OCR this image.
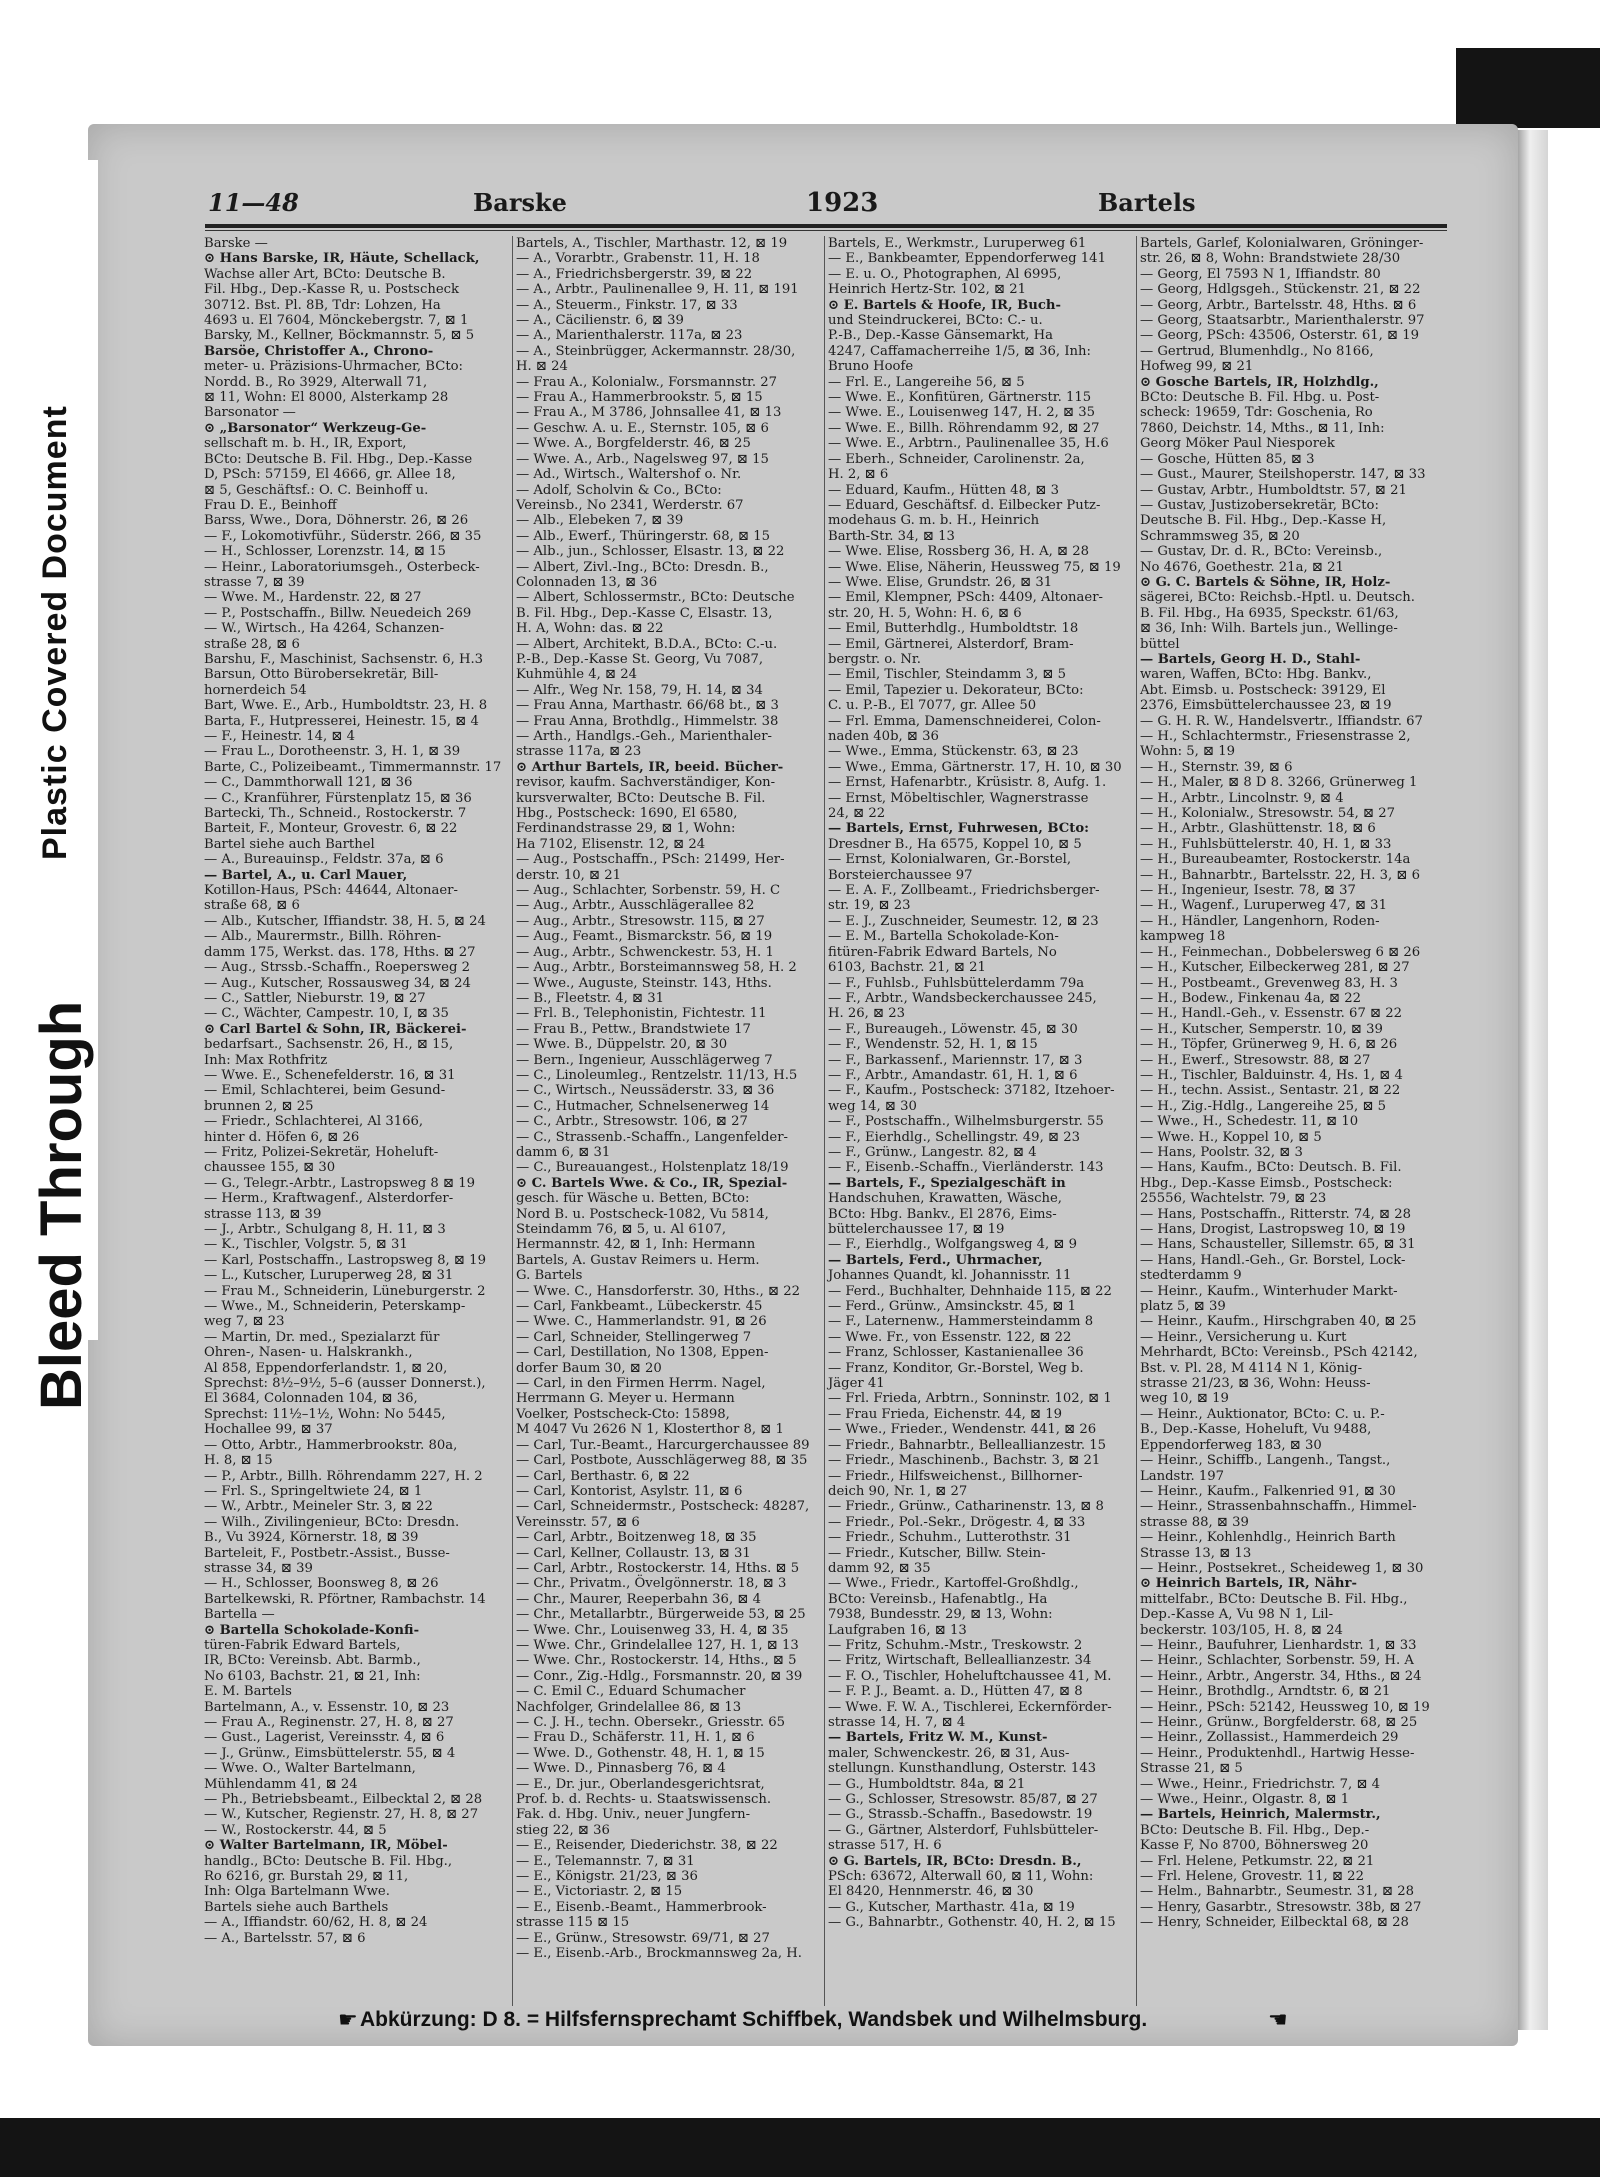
Plastic Covered Document
Bleed Through
11—48	Barske	1923	Bartels
Barske —
⊙ Hans Barske, IR, Häute, Schellack,
Wachse aller Art, BCto: Deutsche B.
Fil. Hbg., Dep.-Kasse R, u. Postscheck
30712. Bst. Pl. 8B, Tdr: Lohzen, Ha
4693 u. El 7604, Mönckebergstr. 7, ⊠ 1
Barsky, M., Kellner, Böckmannstr. 5, ⊠ 5
Barsöe, Christoffer A., Chrono-
meter- u. Präzisions-Uhrmacher, BCto:
Nordd. B., Ro 3929, Alterwall 71,
⊠ 11, Wohn: El 8000, Alsterkamp 28
Barsonator —
⊙ „Barsonator“ Werkzeug-Ge-
sellschaft m. b. H., IR, Export,
BCto: Deutsche B. Fil. Hbg., Dep.-Kasse
D, PSch: 57159, El 4666, gr. Allee 18,
⊠ 5, Geschäftsf.: O. C. Beinhoff u.
Frau D. E., Beinhoff
Barss, Wwe., Dora, Döhnerstr. 26, ⊠ 26
— F., Lokomotivführ., Süderstr. 266, ⊠ 35
— H., Schlosser, Lorenzstr. 14, ⊠ 15
— Heinr., Laboratoriumsgeh., Osterbeck-
strasse 7, ⊠ 39
— Wwe. M., Hardenstr. 22, ⊠ 27
— P., Postschaffn., Billw. Neuedeich 269
— W., Wirtsch., Ha 4264, Schanzen-
straße 28, ⊠ 6
Barshu, F., Maschinist, Sachsenstr. 6, H.3
Barsun, Otto Bürobersekretär, Bill-
hornerdeich 54
Bart, Wwe. E., Arb., Humboldtstr. 23, H. 8
Barta, F., Hutpresserei, Heinestr. 15, ⊠ 4
— F., Heinestr. 14, ⊠ 4
— Frau L., Dorotheenstr. 3, H. 1, ⊠ 39
Barte, C., Polizeibeamt., Timmermannstr. 17
— C., Dammthorwall 121, ⊠ 36
— C., Kranführer, Fürstenplatz 15, ⊠ 36
Bartecki, Th., Schneid., Rostockerstr. 7
Barteit, F., Monteur, Grovestr. 6, ⊠ 22
Bartel siehe auch Barthel
— A., Bureauinsp., Feldstr. 37a, ⊠ 6
— Bartel, A., u. Carl Mauer,
Kotillon-Haus, PSch: 44644, Altonaer-
straße 68, ⊠ 6
— Alb., Kutscher, Iffiandstr. 38, H. 5, ⊠ 24
— Alb., Maurermstr., Billh. Röhren-
damm 175, Werkst. das. 178, Hths. ⊠ 27
— Aug., Strssb.-Schaffn., Roepersweg 2
— Aug., Kutscher, Rossausweg 34, ⊠ 24
— C., Sattler, Nieburstr. 19, ⊠ 27
— C., Wächter, Campestr. 10, I, ⊠ 35
⊙ Carl Bartel & Sohn, IR, Bäckerei-
bedarfsart., Sachsenstr. 26, H., ⊠ 15,
Inh: Max Rothfritz
— Wwe. E., Schenefelderstr. 16, ⊠ 31
— Emil, Schlachterei, beim Gesund-
brunnen 2, ⊠ 25
— Friedr., Schlachterei, Al 3166,
hinter d. Höfen 6, ⊠ 26
— Fritz, Polizei-Sekretär, Hoheluft-
chaussee 155, ⊠ 30
— G., Telegr.-Arbtr., Lastropsweg 8 ⊠ 19
— Herm., Kraftwagenf., Alsterdorfer-
strasse 113, ⊠ 39
— J., Arbtr., Schulgang 8, H. 11, ⊠ 3
— K., Tischler, Volgstr. 5, ⊠ 31
— Karl, Postschaffn., Lastropsweg 8, ⊠ 19
— L., Kutscher, Luruperweg 28, ⊠ 31
— Frau M., Schneiderin, Lüneburgerstr. 2
— Wwe., M., Schneiderin, Peterskamp-
weg 7, ⊠ 23
— Martin, Dr. med., Spezialarzt für
Ohren-, Nasen- u. Halskrankh.,
Al 858, Eppendorferlandstr. 1, ⊠ 20,
Sprechst: 8½–9½, 5–6 (ausser Donnerst.),
El 3684, Colonnaden 104, ⊠ 36,
Sprechst: 11½–1½, Wohn: No 5445,
Hochallee 99, ⊠ 37
— Otto, Arbtr., Hammerbrookstr. 80a,
H. 8, ⊠ 15
— P., Arbtr., Billh. Röhrendamm 227, H. 2
— Frl. S., Springeltwiete 24, ⊠ 1
— W., Arbtr., Meineler Str. 3, ⊠ 22
— Wilh., Zivilingenieur, BCto: Dresdn.
B., Vu 3924, Körnerstr. 18, ⊠ 39
Barteleit, F., Postbetr.-Assist., Busse-
strasse 34, ⊠ 39
— H., Schlosser, Boonsweg 8, ⊠ 26
Bartelkewski, R. Pförtner, Rambachstr. 14
Bartella —
⊙ Bartella Schokolade-Konfi-
türen-Fabrik Edward Bartels,
IR, BCto: Vereinsb. Abt. Barmb.,
No 6103, Bachstr. 21, ⊠ 21, Inh:
E. M. Bartels
Bartelmann, A., v. Essenstr. 10, ⊠ 23
— Frau A., Reginenstr. 27, H. 8, ⊠ 27
— Gust., Lagerist, Vereinsstr. 4, ⊠ 6
— J., Grünw., Eimsbüttelerstr. 55, ⊠ 4
— Wwe. O., Walter Bartelmann,
Mühlendamm 41, ⊠ 24
— Ph., Betriebsbeamt., Eilbecktal 2, ⊠ 28
— W., Kutscher, Regienstr. 27, H. 8, ⊠ 27
— W., Rostockerstr. 44, ⊠ 5
⊙ Walter Bartelmann, IR, Möbel-
handlg., BCto: Deutsche B. Fil. Hbg.,
Ro 6216, gr. Burstah 29, ⊠ 11,
Inh: Olga Bartelmann Wwe.
Bartels siehe auch Barthels
— A., Iffiandstr. 60/62, H. 8, ⊠ 24
— A., Bartelsstr. 57, ⊠ 6
Bartels, A., Tischler, Marthastr. 12, ⊠ 19
— A., Vorarbtr., Grabenstr. 11, H. 18
— A., Friedrichsbergerstr. 39, ⊠ 22
— A., Arbtr., Paulinenallee 9, H. 11, ⊠ 191
— A., Steuerm., Finkstr. 17, ⊠ 33
— A., Cäcilienstr. 6, ⊠ 39
— A., Marienthalerstr. 117a, ⊠ 23
— A., Steinbrügger, Ackermannstr. 28/30,
H. ⊠ 24
— Frau A., Kolonialw., Forsmannstr. 27
— Frau A., Hammerbrookstr. 5, ⊠ 15
— Frau A., M 3786, Johnsallee 41, ⊠ 13
— Geschw. A. u. E., Sternstr. 105, ⊠ 6
— Wwe. A., Borgfelderstr. 46, ⊠ 25
— Wwe. A., Arb., Nagelsweg 97, ⊠ 15
— Ad., Wirtsch., Waltershof o. Nr.
— Adolf, Scholvin & Co., BCto:
Vereinsb., No 2341, Werderstr. 67
— Alb., Elebeken 7, ⊠ 39
— Alb., Ewerf., Thüringerstr. 68, ⊠ 15
— Alb., jun., Schlosser, Elsastr. 13, ⊠ 22
— Albert, Zivl.-Ing., BCto: Dresdn. B.,
Colonnaden 13, ⊠ 36
— Albert, Schlossermstr., BCto: Deutsche
B. Fil. Hbg., Dep.-Kasse C, Elsastr. 13,
H. A, Wohn: das. ⊠ 22
— Albert, Architekt, B.D.A., BCto: C.-u.
P.-B., Dep.-Kasse St. Georg, Vu 7087,
Kuhmühle 4, ⊠ 24
— Alfr., Weg Nr. 158, 79, H. 14, ⊠ 34
— Frau Anna, Marthastr. 66/68 bt., ⊠ 3
— Frau Anna, Brothdlg., Himmelstr. 38
— Arth., Handlgs.-Geh., Marienthaler-
strasse 117a, ⊠ 23
⊙ Arthur Bartels, IR, beeid. Bücher-
revisor, kaufm. Sachverständiger, Kon-
kursverwalter, BCto: Deutsche B. Fil.
Hbg., Postscheck: 1690, El 6580,
Ferdinandstrasse 29, ⊠ 1, Wohn:
Ha 7102, Elisenstr. 12, ⊠ 24
— Aug., Postschaffn., PSch: 21499, Her-
derstr. 10, ⊠ 21
— Aug., Schlachter, Sorbenstr. 59, H. C
— Aug., Arbtr., Ausschlägerallee 82
— Aug., Arbtr., Stresowstr. 115, ⊠ 27
— Aug., Feamt., Bismarckstr. 56, ⊠ 19
— Aug., Arbtr., Schwenckestr. 53, H. 1
— Aug., Arbtr., Borsteimannsweg 58, H. 2
— Wwe., Auguste, Steinstr. 143, Hths.
— B., Fleetstr. 4, ⊠ 31
— Frl. B., Telephonistin, Fichtestr. 11
— Frau B., Pettw., Brandstwiete 17
— Wwe. B., Düppelstr. 20, ⊠ 30
— Bern., Ingenieur, Ausschlägerweg 7
— C., Linoleumleg., Rentzelstr. 11/13, H.5
— C., Wirtsch., Neussäderstr. 33, ⊠ 36
— C., Hutmacher, Schnelsenerweg 14
— C., Arbtr., Stresowstr. 106, ⊠ 27
— C., Strassenb.-Schaffn., Langenfelder-
damm 6, ⊠ 31
— C., Bureauangest., Holstenplatz 18/19
⊙ C. Bartels Wwe. & Co., IR, Spezial-
gesch. für Wäsche u. Betten, BCto:
Nord B. u. Postscheck-1082, Vu 5814,
Steindamm 76, ⊠ 5, u. Al 6107,
Hermannstr. 42, ⊠ 1, Inh: Hermann
Bartels, A. Gustav Reimers u. Herm.
G. Bartels
— Wwe. C., Hansdorferstr. 30, Hths., ⊠ 22
— Carl, Fankbeamt., Lübeckerstr. 45
— Wwe. C., Hammerlandstr. 91, ⊠ 26
— Carl, Schneider, Stellingerweg 7
— Carl, Destillation, No 1308, Eppen-
dorfer Baum 30, ⊠ 20
— Carl, in den Firmen Herrm. Nagel,
Herrmann G. Meyer u. Hermann
Voelker, Postscheck-Cto: 15898,
M 4047 Vu 2626 N 1, Klosterthor 8, ⊠ 1
— Carl, Tur.-Beamt., Harcurgerchaussee 89
— Carl, Postbote, Ausschlägerweg 88, ⊠ 35
— Carl, Berthastr. 6, ⊠ 22
— Carl, Kontorist, Asylstr. 11, ⊠ 6
— Carl, Schneidermstr., Postscheck: 48287,
Vereinsstr. 57, ⊠ 6
— Carl, Arbtr., Boitzenweg 18, ⊠ 35
— Carl, Kellner, Collaustr. 13, ⊠ 31
— Carl, Arbtr., Rostockerstr. 14, Hths. ⊠ 5
— Chr., Privatm., Övelgönnerstr. 18, ⊠ 3
— Chr., Maurer, Reeperbahn 36, ⊠ 4
— Chr., Metallarbtr., Bürgerweide 53, ⊠ 25
— Wwe. Chr., Louisenweg 33, H. 4, ⊠ 35
— Wwe. Chr., Grindelallee 127, H. 1, ⊠ 13
— Wwe. Chr., Rostockerstr. 14, Hths., ⊠ 5
— Conr., Zig.-Hdlg., Forsmannstr. 20, ⊠ 39
— C. Emil C., Eduard Schumacher
Nachfolger, Grindelallee 86, ⊠ 13
— C. J. H., techn. Obersekr., Griesstr. 65
— Frau D., Schäferstr. 11, H. 1, ⊠ 6
— Wwe. D., Gothenstr. 48, H. 1, ⊠ 15
— Wwe. D., Pinnasberg 76, ⊠ 4
— E., Dr. jur., Oberlandesgerichtsrat,
Prof. b. d. Rechts- u. Staatswissensch.
Fak. d. Hbg. Univ., neuer Jungfern-
stieg 22, ⊠ 36
— E., Reisender, Diederichstr. 38, ⊠ 22
— E., Telemannstr. 7, ⊠ 31
— E., Königstr. 21/23, ⊠ 36
— E., Victoriastr. 2, ⊠ 15
— E., Eisenb.-Beamt., Hammerbrook-
strasse 115 ⊠ 15
— E., Grünw., Stresowstr. 69/71, ⊠ 27
— E., Eisenb.-Arb., Brockmannsweg 2a, H.
Bartels, E., Werkmstr., Luruperweg 61
— E., Bankbeamter, Eppendorferweg 141
— E. u. O., Photographen, Al 6995,
Heinrich Hertz-Str. 102, ⊠ 21
⊙ E. Bartels & Hoofe, IR, Buch-
und Steindruckerei, BCto: C.- u.
P.-B., Dep.-Kasse Gänsemarkt, Ha
4247, Caffamacherreihe 1/5, ⊠ 36, Inh:
Bruno Hoofe
— Frl. E., Langereihe 56, ⊠ 5
— Wwe. E., Konfitüren, Gärtnerstr. 115
— Wwe. E., Louisenweg 147, H. 2, ⊠ 35
— Wwe. E., Billh. Röhrendamm 92, ⊠ 27
— Wwe. E., Arbtrn., Paulinenallee 35, H.6
— Eberh., Schneider, Carolinenstr. 2a,
H. 2, ⊠ 6
— Eduard, Kaufm., Hütten 48, ⊠ 3
— Eduard, Geschäftsf. d. Eilbecker Putz-
modehaus G. m. b. H., Heinrich
Barth-Str. 34, ⊠ 13
— Wwe. Elise, Rossberg 36, H. A, ⊠ 28
— Wwe. Elise, Näherin, Heussweg 75, ⊠ 19
— Wwe. Elise, Grundstr. 26, ⊠ 31
— Emil, Klempner, PSch: 4409, Altonaer-
str. 20, H. 5, Wohn: H. 6, ⊠ 6
— Emil, Butterhdlg., Humboldtstr. 18
— Emil, Gärtnerei, Alsterdorf, Bram-
bergstr. o. Nr.
— Emil, Tischler, Steindamm 3, ⊠ 5
— Emil, Tapezier u. Dekorateur, BCto:
C. u. P.-B., El 7077, gr. Allee 50
— Frl. Emma, Damenschneiderei, Colon-
naden 40b, ⊠ 36
— Wwe., Emma, Stückenstr. 63, ⊠ 23
— Wwe., Emma, Gärtnerstr. 17, H. 10, ⊠ 30
— Ernst, Hafenarbtr., Krüsistr. 8, Aufg. 1.
— Ernst, Möbeltischler, Wagnerstrasse
24, ⊠ 22
— Bartels, Ernst, Fuhrwesen, BCto:
Dresdner B., Ha 6575, Koppel 10, ⊠ 5
— Ernst, Kolonialwaren, Gr.-Borstel,
Borsteierchaussee 97
— E. A. F., Zollbeamt., Friedrichsberger-
str. 19, ⊠ 23
— E. J., Zuschneider, Seumestr. 12, ⊠ 23
— E. M., Bartella Schokolade-Kon-
fitüren-Fabrik Edward Bartels, No
6103, Bachstr. 21, ⊠ 21
— F., Fuhlsb., Fuhlsbüttelerdamm 79a
— F., Arbtr., Wandsbeckerchaussee 245,
H. 26, ⊠ 23
— F., Bureaugeh., Löwenstr. 45, ⊠ 30
— F., Wendenstr. 52, H. 1, ⊠ 15
— F., Barkassenf., Mariennstr. 17, ⊠ 3
— F., Arbtr., Amandastr. 61, H. 1, ⊠ 6
— F., Kaufm., Postscheck: 37182, Itzehoer-
weg 14, ⊠ 30
— F., Postschaffn., Wilhelmsburgerstr. 55
— F., Eierhdlg., Schellingstr. 49, ⊠ 23
— F., Grünw., Langestr. 82, ⊠ 4
— F., Eisenb.-Schaffn., Vierländerstr. 143
— Bartels, F., Spezialgeschäft in
Handschuhen, Krawatten, Wäsche,
BCto: Hbg. Bankv., El 2876, Eims-
büttelerchaussee 17, ⊠ 19
— F., Eierhdlg., Wolfgangsweg 4, ⊠ 9
— Bartels, Ferd., Uhrmacher,
Johannes Quandt, kl. Johannisstr. 11
— Ferd., Buchhalter, Dehnhaide 115, ⊠ 22
— Ferd., Grünw., Amsinckstr. 45, ⊠ 1
— F., Laternenw., Hammersteindamm 8
— Wwe. Fr., von Essenstr. 122, ⊠ 22
— Franz, Schlosser, Kastanienallee 36
— Franz, Konditor, Gr.-Borstel, Weg b.
Jäger 41
— Frl. Frieda, Arbtrn., Sonninstr. 102, ⊠ 1
— Frau Frieda, Eichenstr. 44, ⊠ 19
— Wwe., Frieder., Wendenstr. 441, ⊠ 26
— Friedr., Bahnarbtr., Belleallianzestr. 15
— Friedr., Maschinenb., Bachstr. 3, ⊠ 21
— Friedr., Hilfsweichenst., Billhorner-
deich 90, Nr. 1, ⊠ 27
— Friedr., Grünw., Catharinenstr. 13, ⊠ 8
— Friedr., Pol.-Sekr., Drögestr. 4, ⊠ 33
— Friedr., Schuhm., Lutterothstr. 31
— Friedr., Kutscher, Billw. Stein-
damm 92, ⊠ 35
— Wwe., Friedr., Kartoffel-Großhdlg.,
BCto: Vereinsb., Hafenabtlg., Ha
7938, Bundesstr. 29, ⊠ 13, Wohn:
Laufgraben 16, ⊠ 13
— Fritz, Schuhm.-Mstr., Treskowstr. 2
— Fritz, Wirtschaft, Belleallianzestr. 34
— F. O., Tischler, Hoheluftchaussee 41, M.
— F. P. J., Beamt. a. D., Hütten 47, ⊠ 8
— Wwe. F. W. A., Tischlerei, Eckernförder-
strasse 14, H. 7, ⊠ 4
— Bartels, Fritz W. M., Kunst-
maler, Schwenckestr. 26, ⊠ 31, Aus-
stellungn. Kunsthandlung, Osterstr. 143
— G., Humboldtstr. 84a, ⊠ 21
— G., Schlosser, Stresowstr. 85/87, ⊠ 27
— G., Strassb.-Schaffn., Basedowstr. 19
— G., Gärtner, Alsterdorf, Fuhlsbütteler-
strasse 517, H. 6
⊙ G. Bartels, IR, BCto: Dresdn. B.,
PSch: 63672, Alterwall 60, ⊠ 11, Wohn:
El 8420, Hennmerstr. 46, ⊠ 30
— G., Kutscher, Marthastr. 41a, ⊠ 19
— G., Bahnarbtr., Gothenstr. 40, H. 2, ⊠ 15
Bartels, Garlef, Kolonialwaren, Gröninger-
str. 26, ⊠ 8, Wohn: Brandstwiete 28/30
— Georg, El 7593 N 1, Iffiandstr. 80
— Georg, Hdlgsgeh., Stückenstr. 21, ⊠ 22
— Georg, Arbtr., Bartelsstr. 48, Hths. ⊠ 6
— Georg, Staatsarbtr., Marienthalerstr. 97
— Georg, PSch: 43506, Osterstr. 61, ⊠ 19
— Gertrud, Blumenhdlg., No 8166,
Hofweg 99, ⊠ 21
⊙ Gosche Bartels, IR, Holzhdlg.,
BCto: Deutsche B. Fil. Hbg. u. Post-
scheck: 19659, Tdr: Goschenia, Ro
7860, Deichstr. 14, Mths., ⊠ 11, Inh:
Georg Möker Paul Niesporek
— Gosche, Hütten 85, ⊠ 3
— Gust., Maurer, Steilshoperstr. 147, ⊠ 33
— Gustav, Arbtr., Humboldtstr. 57, ⊠ 21
— Gustav, Justizobersekretär, BCto:
Deutsche B. Fil. Hbg., Dep.-Kasse H,
Schrammsweg 35, ⊠ 20
— Gustav, Dr. d. R., BCto: Vereinsb.,
No 4676, Goethestr. 21a, ⊠ 21
⊙ G. C. Bartels & Söhne, IR, Holz-
sägerei, BCto: Reichsb.-Hptl. u. Deutsch.
B. Fil. Hbg., Ha 6935, Speckstr. 61/63,
⊠ 36, Inh: Wilh. Bartels jun., Wellinge-
büttel
— Bartels, Georg H. D., Stahl-
waren, Waffen, BCto: Hbg. Bankv.,
Abt. Eimsb. u. Postscheck: 39129, El
2376, Eimsbüttelerchaussee 23, ⊠ 19
— G. H. R. W., Handelsvertr., Iffiandstr. 67
— H., Schlachtermstr., Friesenstrasse 2,
Wohn: 5, ⊠ 19
— H., Sternstr. 39, ⊠ 6
— H., Maler, ⊠ 8 D 8. 3266, Grünerweg 1
— H., Arbtr., Lincolnstr. 9, ⊠ 4
— H., Kolonialw., Stresowstr. 54, ⊠ 27
— H., Arbtr., Glashüttenstr. 18, ⊠ 6
— H., Fuhlsbüttelerstr. 40, H. 1, ⊠ 33
— H., Bureaubeamter, Rostockerstr. 14a
— H., Bahnarbtr., Bartelsstr. 22, H. 3, ⊠ 6
— H., Ingenieur, Isestr. 78, ⊠ 37
— H., Wagenf., Luruperweg 47, ⊠ 31
— H., Händler, Langenhorn, Roden-
kampweg 18
— H., Feinmechan., Dobbelersweg 6 ⊠ 26
— H., Kutscher, Eilbeckerweg 281, ⊠ 27
— H., Postbeamt., Grevenweg 83, H. 3
— H., Bodew., Finkenau 4a, ⊠ 22
— H., Handl.-Geh., v. Essenstr. 67 ⊠ 22
— H., Kutscher, Semperstr. 10, ⊠ 39
— H., Töpfer, Grünerweg 9, H. 6, ⊠ 26
— H., Ewerf., Stresowstr. 88, ⊠ 27
— H., Tischler, Balduinstr. 4, Hs. 1, ⊠ 4
— H., techn. Assist., Sentastr. 21, ⊠ 22
— H., Zig.-Hdlg., Langereihe 25, ⊠ 5
— Wwe., H., Schedestr. 11, ⊠ 10
— Wwe. H., Koppel 10, ⊠ 5
— Hans, Poolstr. 32, ⊠ 3
— Hans, Kaufm., BCto: Deutsch. B. Fil.
Hbg., Dep.-Kasse Eimsb., Postscheck:
25556, Wachtelstr. 79, ⊠ 23
— Hans, Postschaffn., Ritterstr. 74, ⊠ 28
— Hans, Drogist, Lastropsweg 10, ⊠ 19
— Hans, Schausteller, Sillemstr. 65, ⊠ 31
— Hans, Handl.-Geh., Gr. Borstel, Lock-
stedterdamm 9
— Heinr., Kaufm., Winterhuder Markt-
platz 5, ⊠ 39
— Heinr., Kaufm., Hirschgraben 40, ⊠ 25
— Heinr., Versicherung u. Kurt
Mehrhardt, BCto: Vereinsb., PSch 42142,
Bst. v. Pl. 28, M 4114 N 1, König-
strasse 21/23, ⊠ 36, Wohn: Heuss-
weg 10, ⊠ 19
— Heinr., Auktionator, BCto: C. u. P.-
B., Dep.-Kasse, Hoheluft, Vu 9488,
Eppendorferweg 183, ⊠ 30
— Heinr., Schiffb., Langenh., Tangst.,
Landstr. 197
— Heinr., Kaufm., Falkenried 91, ⊠ 30
— Heinr., Strassenbahnschaffn., Himmel-
strasse 88, ⊠ 39
— Heinr., Kohlenhdlg., Heinrich Barth
Strasse 13, ⊠ 13
— Heinr., Postsekret., Scheideweg 1, ⊠ 30
⊙ Heinrich Bartels, IR, Nähr-
mittelfabr., BCto: Deutsche B. Fil. Hbg.,
Dep.-Kasse A, Vu 98 N 1, Lil-
beckerstr. 103/105, H. 8, ⊠ 24
— Heinr., Baufuhrer, Lienhardstr. 1, ⊠ 33
— Heinr., Schlachter, Sorbenstr. 59, H. A
— Heinr., Arbtr., Angerstr. 34, Hths., ⊠ 24
— Heinr., Brothdlg., Arndtstr. 6, ⊠ 21
— Heinr., PSch: 52142, Heussweg 10, ⊠ 19
— Heinr., Grünw., Borgfelderstr. 68, ⊠ 25
— Heinr., Zollassist., Hammerdeich 29
— Heinr., Produktenhdl., Hartwig Hesse-
Strasse 21, ⊠ 5
— Wwe., Heinr., Friedrichstr. 7, ⊠ 4
— Wwe., Heinr., Olgastr. 8, ⊠ 1
— Bartels, Heinrich, Malermstr.,
BCto: Deutsche B. Fil. Hbg., Dep.-
Kasse F, No 8700, Böhnersweg 20
— Frl. Helene, Petkumstr. 22, ⊠ 21
— Frl. Helene, Grovestr. 11, ⊠ 22
— Helm., Bahnarbtr., Seumestr. 31, ⊠ 28
— Henry, Gasarbtr., Stresowstr. 38b, ⊠ 27
— Henry, Schneider, Eilbecktal 68, ⊠ 28
☛ Abkürzung: D 8. = Hilfsfernsprechamt Schiffbek, Wandsbek und Wilhelmsburg.	☚
